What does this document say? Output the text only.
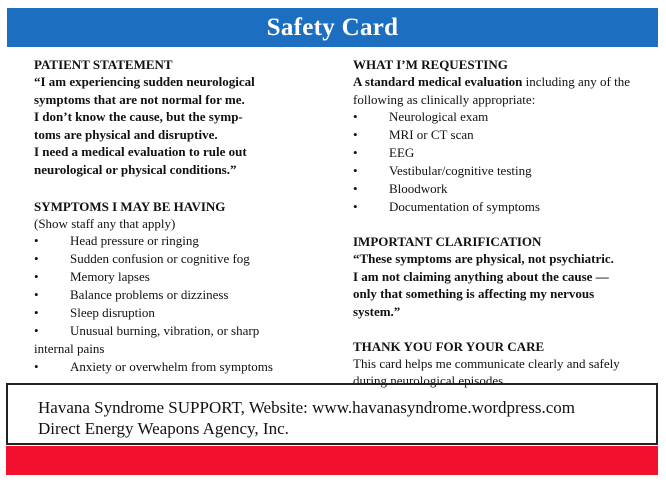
Safety Card
PATIENT STATEMENT

“I am experiencing sudden neurological

symptoms that are not normal for me.

I don’t know the cause, but the symp-

toms are physical and disruptive.

I need a medical evaluation to rule out

neurological or physical conditions.”

SYMPTOMS I MAY BE HAVING

(Show staff any that apply)

• Head pressure or ringing
• Sudden confusion or cognitive fog
• Memory lapses
• Balance problems or dizziness
• Sleep disruption
• Unusual burning, vibration, or sharp
internal pains
• Anxiety or overwhelm from symptoms
WHAT I’M REQUESTING

A standard medical evaluation including any of the

following as clinically appropriate:

• Neurological exam
• MRI or CT scan
• EEG
• Vestibular/cognitive testing
• Bloodwork
• Documentation of symptoms
IMPORTANT CLARIFICATION

“These symptoms are physical, not psychiatric.

I am not claiming anything about the cause —

only that something is affecting my nervous

system.”

THANK YOU FOR YOUR CARE

This card helps me communicate clearly and safely

during neurological episodes.

Havana Syndrome SUPPORT, Website: www.havanasyndrome.wordpress.com
Direct Energy Weapons Agency, Inc.
